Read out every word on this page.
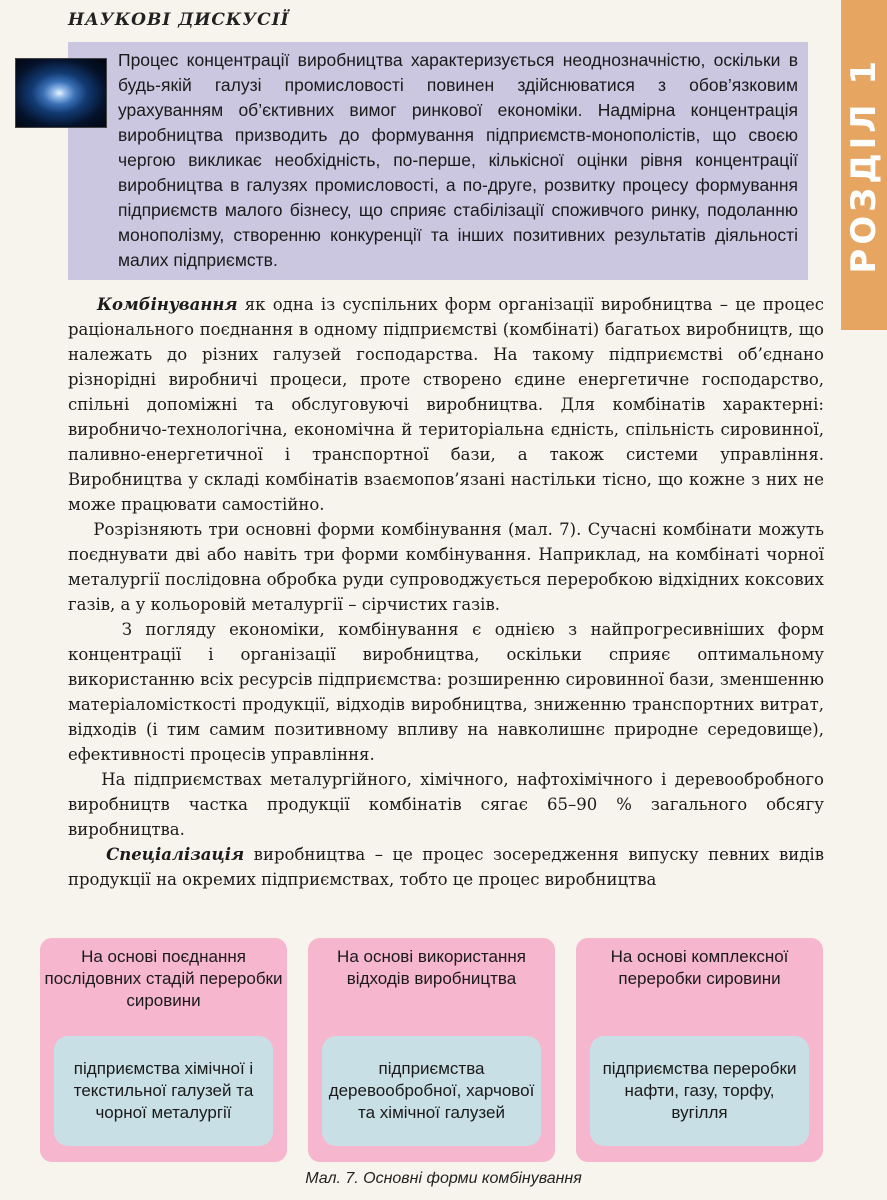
РОЗДІЛ 1
НАУКОВІ ДИСКУСІЇ
Процес концентрації виробництва характеризується неоднозначністю, оскільки в будь-якій галузі промисловості повинен здійснюватися з обов’язковим урахуванням об’єктивних вимог ринкової економіки. Надмірна концентрація виробництва призводить до формування підприємств-монополістів, що своєю чергою викликає необхідність, по-перше, кількісної оцінки рівня концентрації виробництва в галузях промисловості, а по-друге, розвитку процесу формування підприємств малого бізнесу, що сприяє стабілізації споживчого ринку, подоланню монополізму, створенню конкуренції та інших позитивних результатів діяльності малих підприємств.

Комбінування як одна із суспільних форм організації виробництва – це процес раціонального поєднання в одному підприємстві (комбінаті) багатьох виробництв, що належать до різних галузей господарства. На такому підприємстві об’єднано різнорідні виробничі процеси, проте створено єдине енергетичне господарство, спільні допоміжні та обслуговуючі виробництва. Для комбінатів характерні: виробничо-технологічна, економічна й територіальна єдність, спільність сировинної, паливно-енергетичної і транспортної бази, а також системи управління. Виробництва у складі комбінатів взаємопов’язані настільки тісно, що кожне з них не може працювати самостійно.

Розрізняють три основні форми комбінування (мал. 7). Сучасні комбінати можуть поєднувати дві або навіть три форми комбінування. Наприклад, на комбінаті чорної металургії послідовна обробка руди супроводжується переробкою відхідних коксових газів, а у кольоровій металургії – сірчистих газів.

З погляду економіки, комбінування є однією з найпрогресивніших форм концентрації і організації виробництва, оскільки сприяє оптимальному використанню всіх ресурсів підприємства: розширенню сировинної бази, зменшенню матеріаломісткості продукції, відходів виробництва, зниженню транспортних витрат, відходів (і тим самим позитивному впливу на навколишнє природне середовище), ефективності процесів управління.

На підприємствах металургійного, хімічного, нафтохімічного і деревообробного виробництв частка продукції комбінатів сягає 65–90 % загального обсягу виробництва.

Спеціалізація виробництва – це процес зосередження випуску певних видів продукції на окремих підприємствах, тобто це процес виробництва

На основі поєднання послідовних стадій переробки сировини
підприємства хімічної і текстильної галузей та чорної металургії
На основі використання відходів виробництва
підприємства деревообробної, харчової та хімічної галузей
На основі комплексної переробки сировини
підприємства переробки нафти, газу, торфу, вугілля
Мал. 7. Основні форми комбінування
